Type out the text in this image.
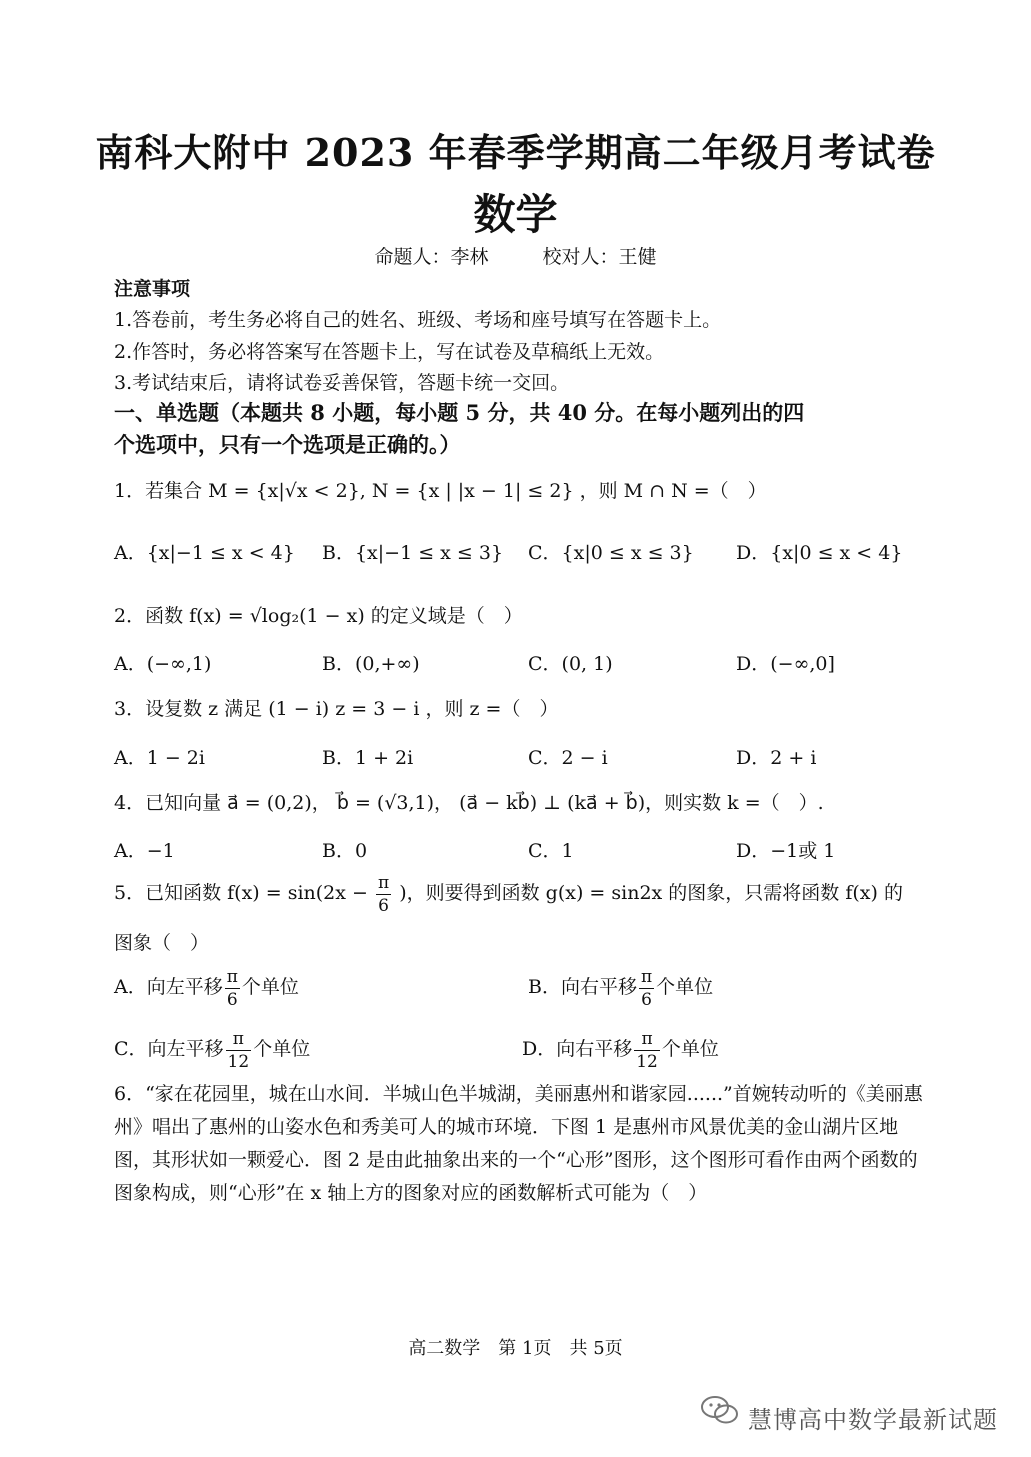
南科大附中 2023 年春季学期高二年级月考试卷
数学
命题人：李林	校对人：王健
注意事项
1.答卷前，考生务必将自己的姓名、班级、考场和座号填写在答题卡上。
2.作答时，务必将答案写在答题卡上，写在试卷及草稿纸上无效。
3.考试结束后，请将试卷妥善保管，答题卡统一交回。
一、单选题（本题共 8 小题，每小题 5 分，共 40 分。在每小题列出的四
个选项中，只有一个选项是正确的。）
1．若集合 M = {x|√x < 2}, N = {x | |x − 1| ≤ 2} ，则 M ∩ N =（　）
A．{x|−1 ≤ x < 4} B．{x|−1 ≤ x ≤ 3} C．{x|0 ≤ x ≤ 3} D．{x|0 ≤ x < 4}
2．函数 f(x) = √log₂(1 − x) 的定义域是（　）
A．(−∞,1)	B．(0,+∞)	C．(0, 1)	D．(−∞,0]
3．设复数 z 满足 (1 − i) z = 3 − i ，则 z =（　）
A．1 − 2i	B．1 + 2i	C．2 − i	D．2 + i
4．已知向量 a⃗ = (0,2)， b⃗ = (√3,1)， (a⃗ − kb⃗) ⊥ (ka⃗ + b⃗)，则实数 k =（　）.
A．−1	B．0	C．1	D．−1或 1
5．已知函数 $f(x) = \sin(2x - \frac{\pi}{6}$ )，则要得到函数 g(x) = sin2x 的图象，只需将函数 f(x) 的
图象（　）
A．向左平移 $\frac{\pi}{6}$ 个单位	B．向右平移 $\frac{\pi}{6}$ 个单位
C．向左平移 $\frac{\pi}{12}$ 个单位	D．向右平移 $\frac{\pi}{12}$ 个单位
6．“家在花园里，城在山水间．半城山色半城湖，美丽惠州和谐家园......”首婉转动听的《美丽惠州》唱出了惠州的山姿水色和秀美可人的城市环境．下图 1 是惠州市风景优美的金山湖片区地图，其形状如一颗爱心．图 2 是由此抽象出来的一个“心形”图形，这个图形可看作由两个函数的图象构成，则“心形”在 x 轴上方的图象对应的函数解析式可能为（　）
高二数学　第 1页　共 5页
慧博高中数学最新试题
